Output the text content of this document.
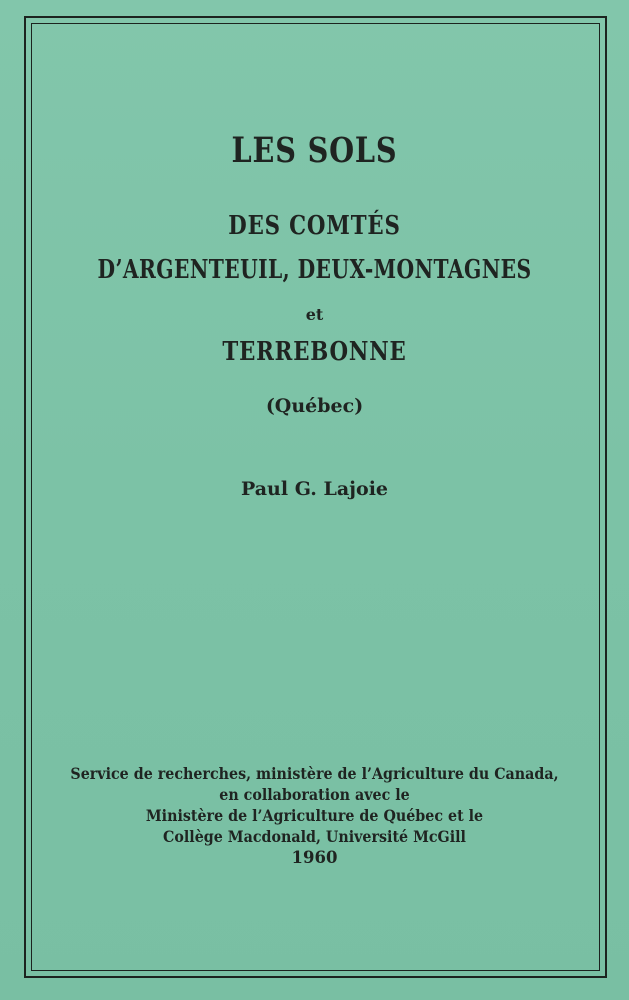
LES SOLS
DES COMTÉS
D’ARGENTEUIL, DEUX-MONTAGNES
et
TERREBONNE
(Québec)
Paul G. Lajoie
Service de recherches, ministère de l’Agriculture du Canada,
en collaboration avec le
Ministère de l’Agriculture de Québec et le
Collège Macdonald, Université McGill
1960
